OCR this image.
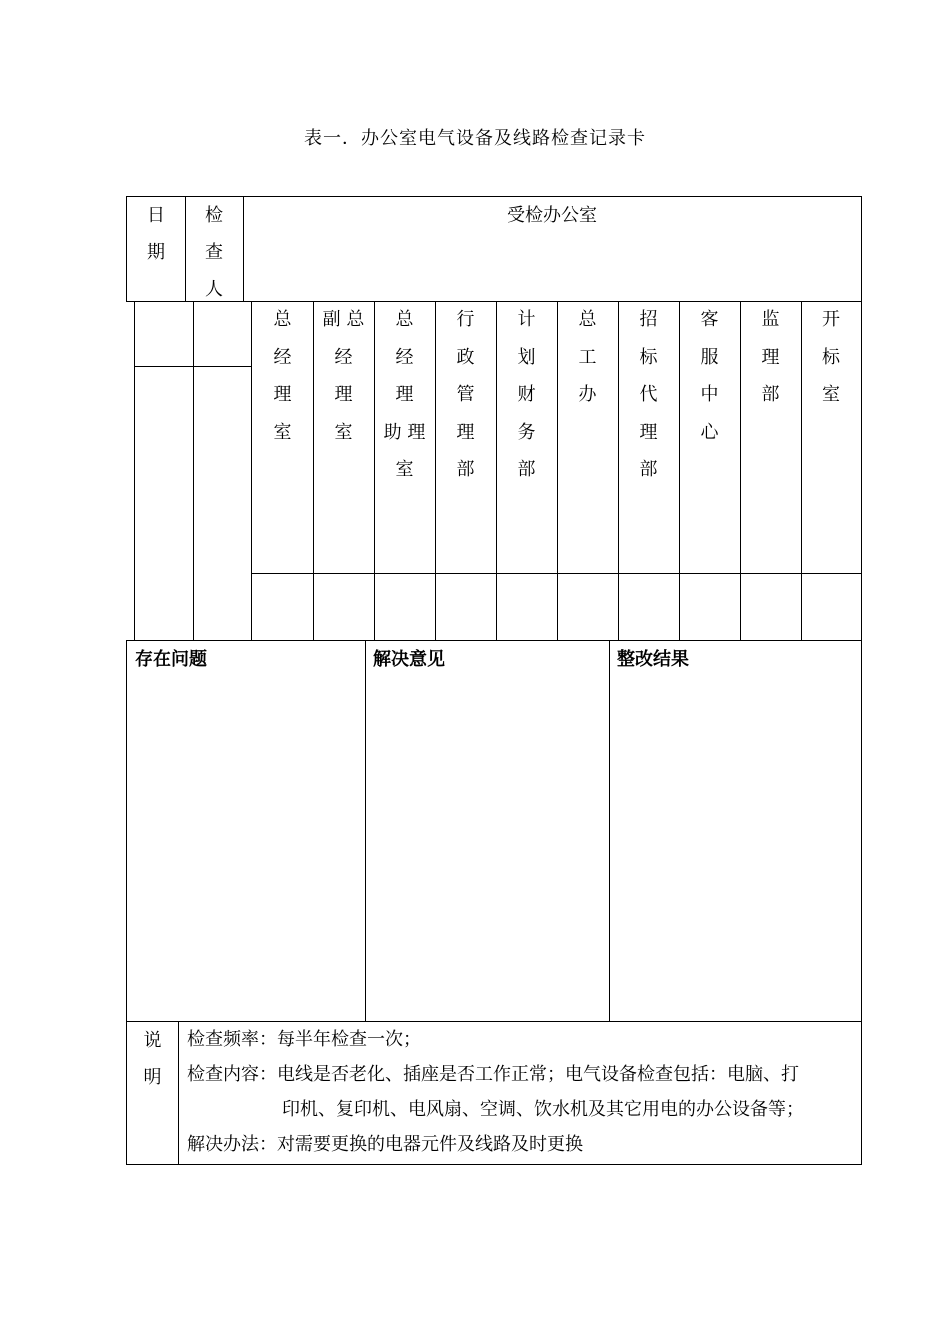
表一．办公室电气设备及线路检查记录卡
日
期
检
查
人
受检办公室
总
经
理
室
副 总
经
理
室
总
经
理
助 理
室
行
政
管
理
部
计
划
财
务
部
总
工
办
招
标
代
理
部
客
服
中
心
监
理
部
开
标
室
存在问题	解决意见	整改结果
说
明
检查频率：每半年检查一次；
检查内容：电线是否老化、插座是否工作正常；电气设备检查包括：电脑、打
印机、复印机、电风扇、空调、饮水机及其它用电的办公设备等；
解决办法：对需要更换的电器元件及线路及时更换
